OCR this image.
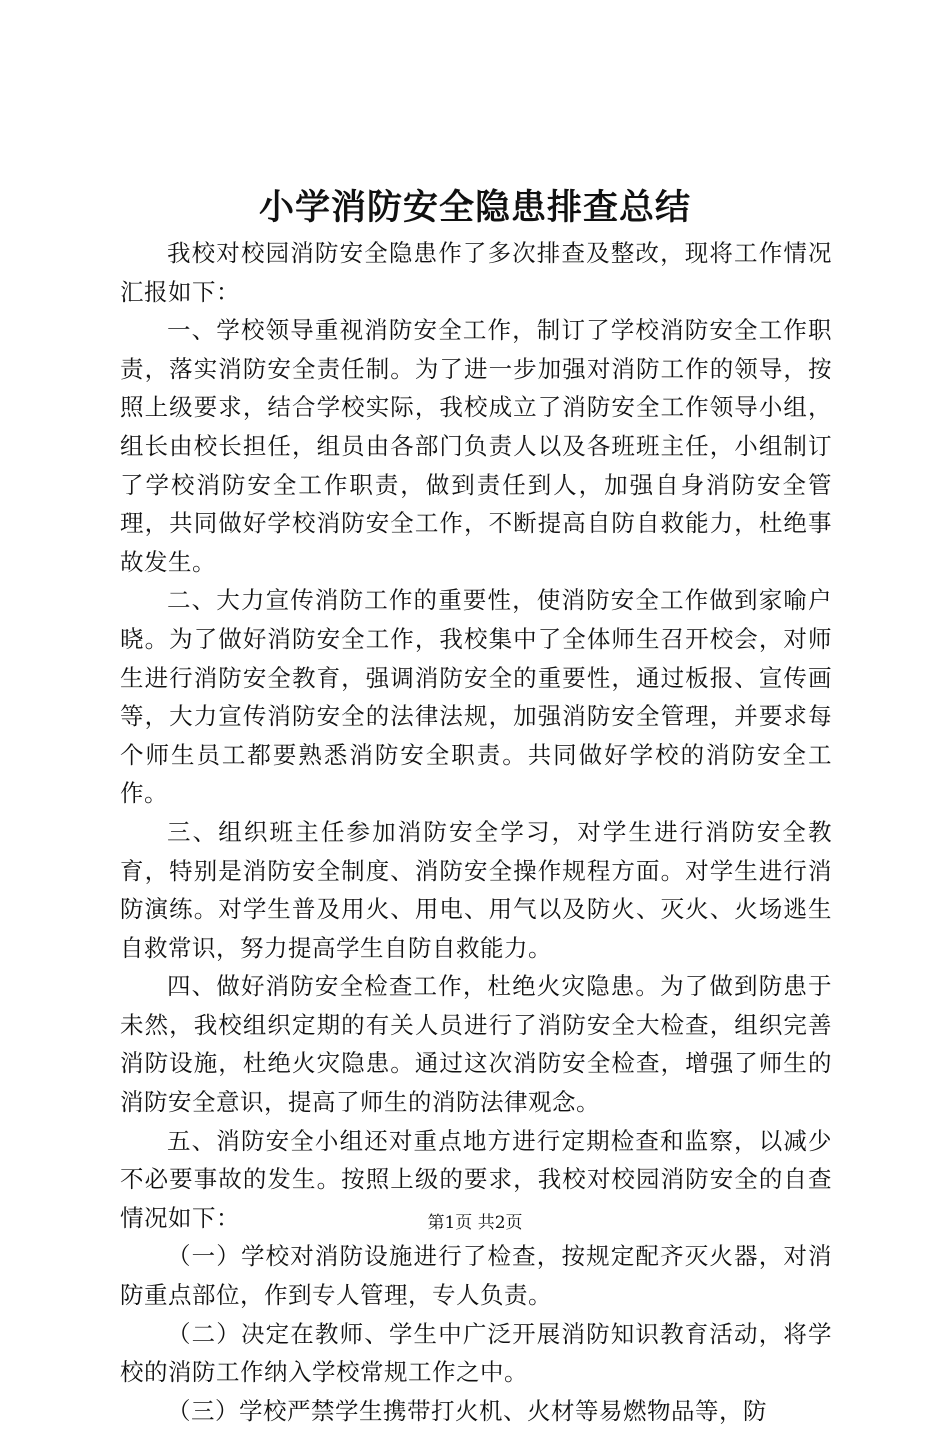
小学消防安全隐患排查总结

我校对校园消防安全隐患作了多次排查及整改，现将工作情况汇报如下：

一、学校领导重视消防安全工作，制订了学校消防安全工作职责，落实消防安全责任制。为了进一步加强对消防工作的领导，按照上级要求，结合学校实际，我校成立了消防安全工作领导小组，组长由校长担任，组员由各部门负责人以及各班班主任，小组制订了学校消防安全工作职责，做到责任到人，加强自身消防安全管理，共同做好学校消防安全工作，不断提高自防自救能力，杜绝事故发生。

二、大力宣传消防工作的重要性，使消防安全工作做到家喻户晓。为了做好消防安全工作，我校集中了全体师生召开校会，对师生进行消防安全教育，强调消防安全的重要性，通过板报、宣传画等，大力宣传消防安全的法律法规，加强消防安全管理，并要求每个师生员工都要熟悉消防安全职责。共同做好学校的消防安全工作。

三、组织班主任参加消防安全学习，对学生进行消防安全教育，特别是消防安全制度、消防安全操作规程方面。对学生进行消防演练。对学生普及用火、用电、用气以及防火、灭火、火场逃生自救常识，努力提高学生自防自救能力。

四、做好消防安全检查工作，杜绝火灾隐患。为了做到防患于未然，我校组织定期的有关人员进行了消防安全大检查，组织完善消防设施，杜绝火灾隐患。通过这次消防安全检查，增强了师生的消防安全意识，提高了师生的消防法律观念。

五、消防安全小组还对重点地方进行定期检查和监察，以减少不必要事故的发生。按照上级的要求，我校对校园消防安全的自查情况如下：

（一）学校对消防设施进行了检查，按规定配齐灭火器，对消防重点部位，作到专人管理，专人负责。

（二）决定在教师、学生中广泛开展消防知识教育活动，将学校的消防工作纳入学校常规工作之中。

（三）学校严禁学生携带打火机、火材等易燃物品等，防

第1页 共2页
